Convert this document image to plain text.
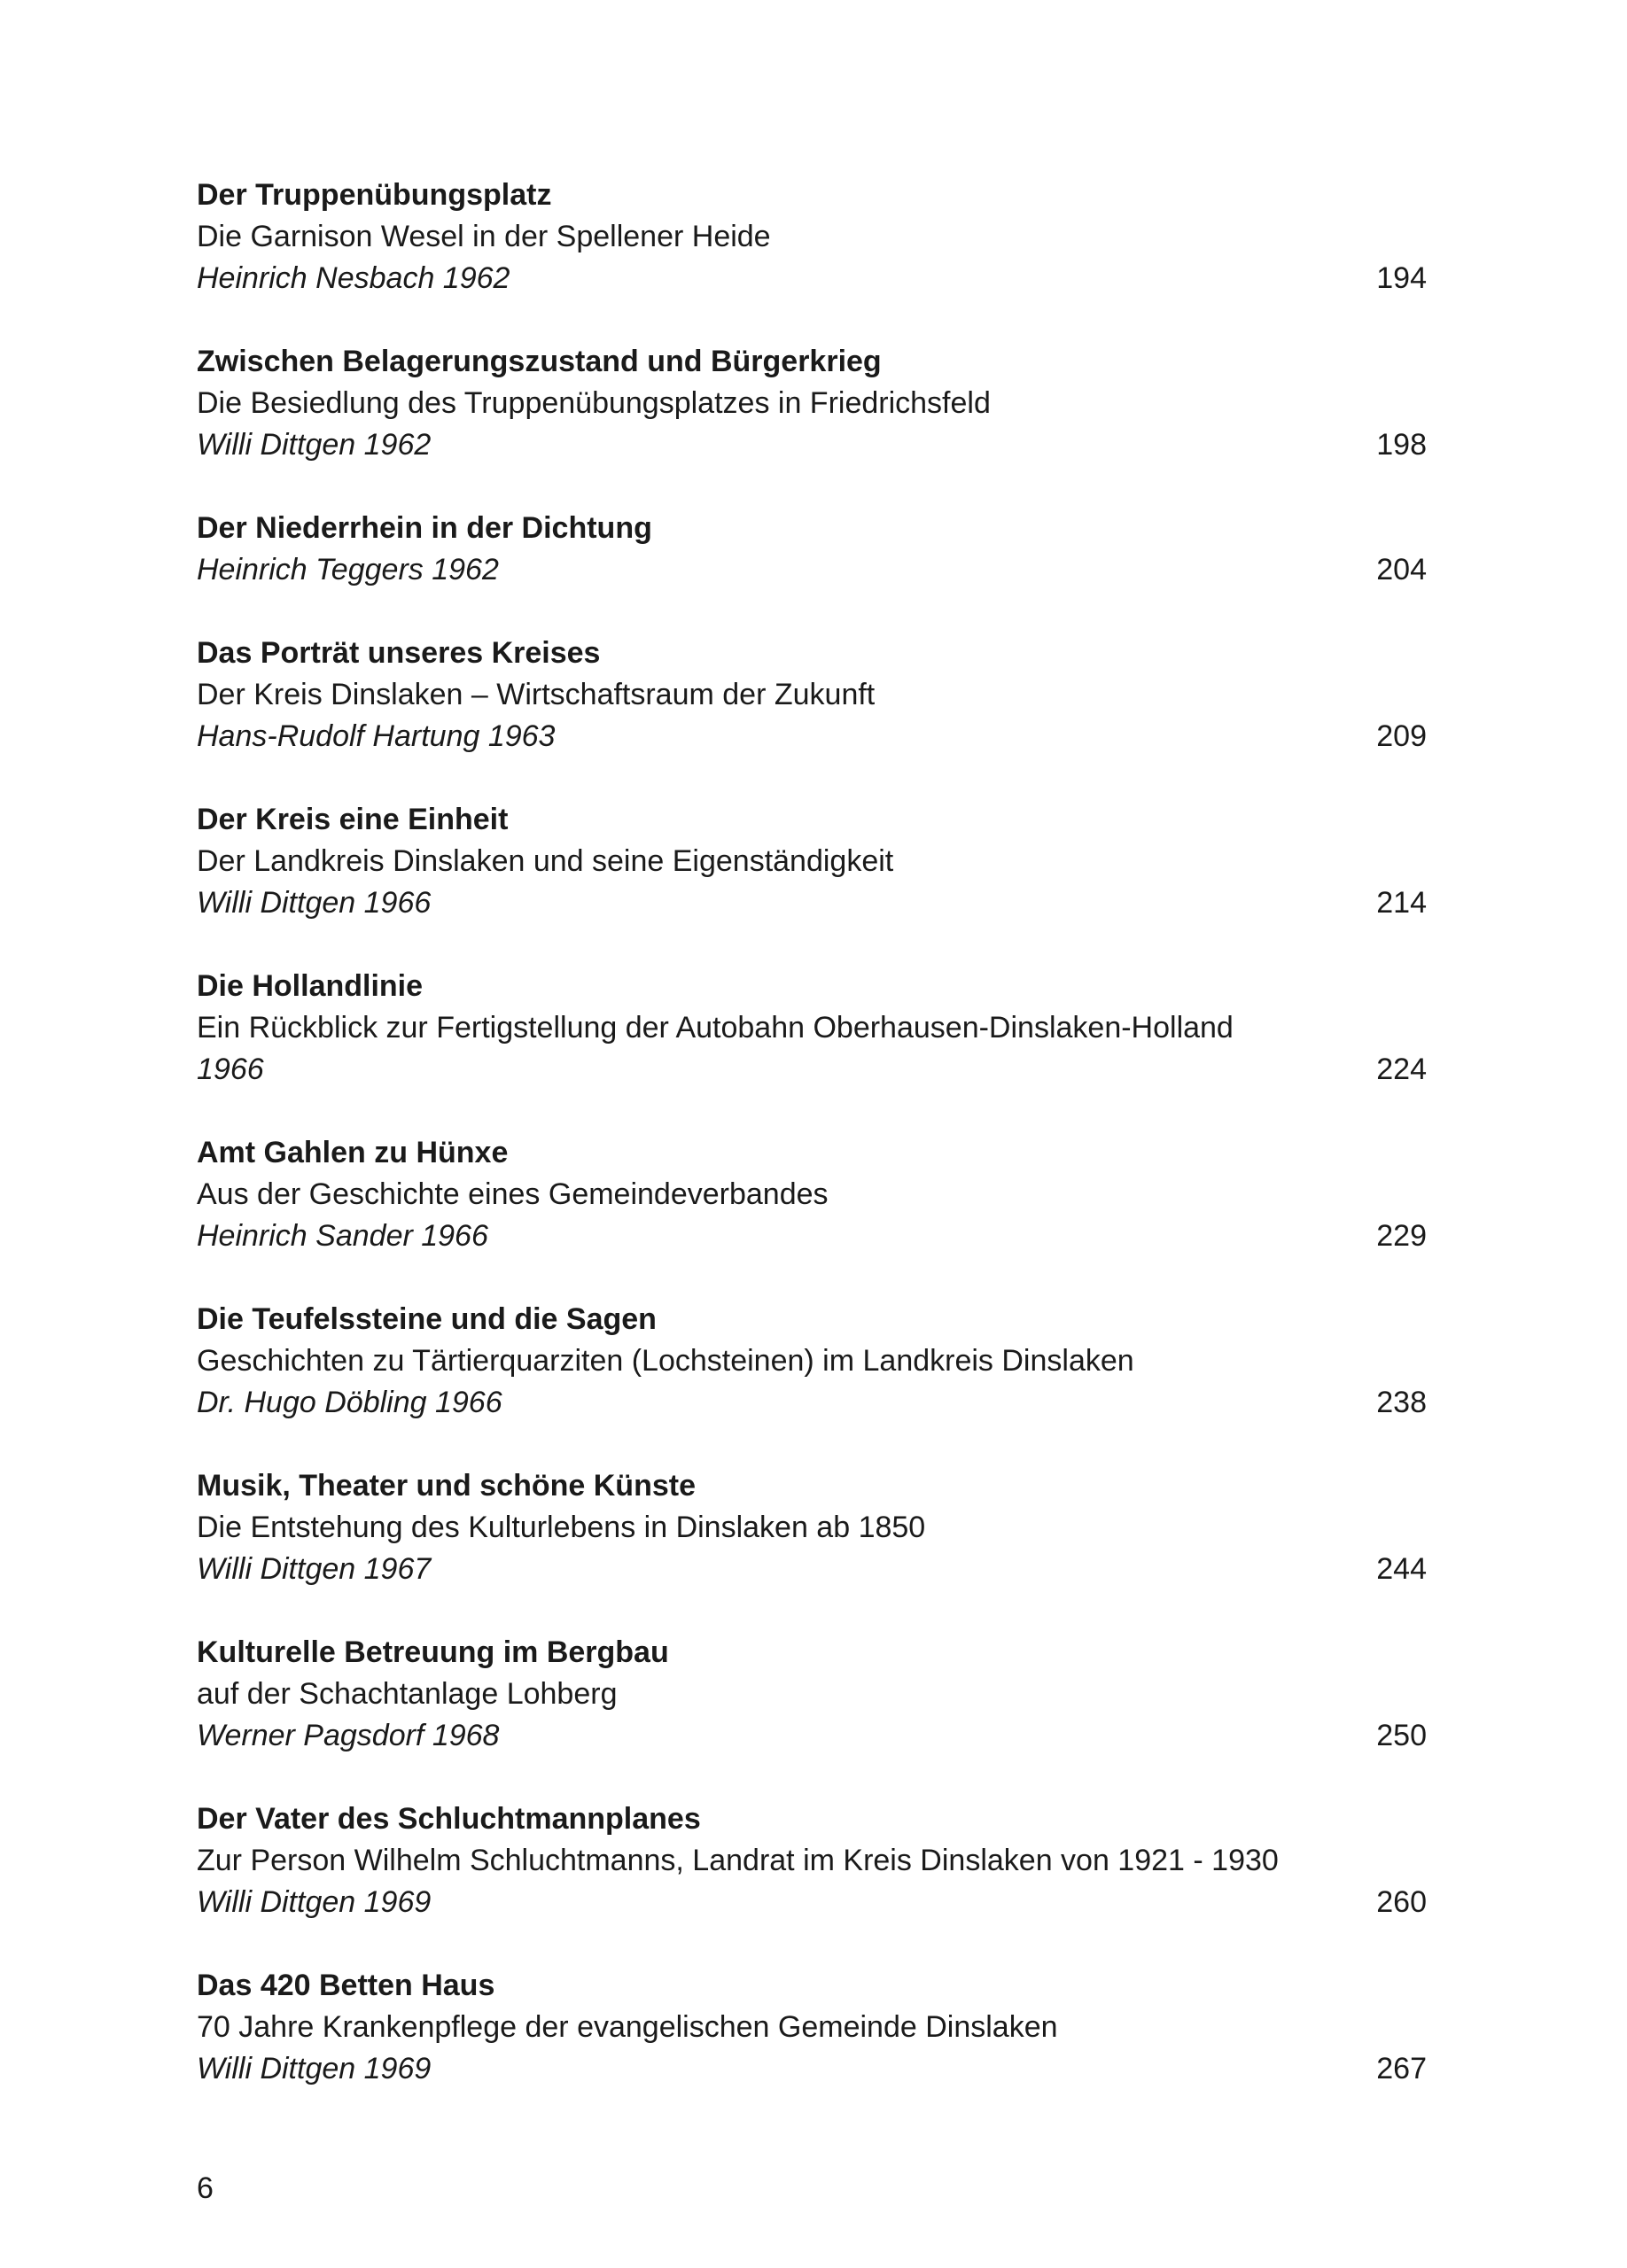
Der Truppenübungsplatz
Die Garnison Wesel in der Spellener Heide
Heinrich Nesbach 1962	194
Zwischen Belagerungszustand und Bürgerkrieg
Die Besiedlung des Truppenübungsplatzes in Friedrichsfeld
Willi Dittgen 1962	198
Der Niederrhein in der Dichtung
Heinrich Teggers 1962	204
Das Porträt unseres Kreises
Der Kreis Dinslaken – Wirtschaftsraum der Zukunft
Hans-Rudolf Hartung 1963	209
Der Kreis eine Einheit
Der Landkreis Dinslaken und seine Eigenständigkeit
Willi Dittgen 1966	214
Die Hollandlinie
Ein Rückblick zur Fertigstellung der Autobahn Oberhausen-Dinslaken-Holland
1966	224
Amt Gahlen zu Hünxe
Aus der Geschichte eines Gemeindeverbandes
Heinrich Sander 1966	229
Die Teufelssteine und die Sagen
Geschichten zu Tärtierquarziten (Lochsteinen) im Landkreis Dinslaken
Dr. Hugo Döbling 1966	238
Musik, Theater und schöne Künste
Die Entstehung des Kulturlebens in Dinslaken ab 1850
Willi Dittgen 1967	244
Kulturelle Betreuung im Bergbau
auf der Schachtanlage Lohberg
Werner Pagsdorf 1968	250
Der Vater des Schluchtmannplanes
Zur Person Wilhelm Schluchtmanns, Landrat im Kreis Dinslaken von 1921 - 1930
Willi Dittgen 1969	260
Das 420 Betten Haus
70 Jahre Krankenpflege der evangelischen Gemeinde Dinslaken
Willi Dittgen 1969	267
6
